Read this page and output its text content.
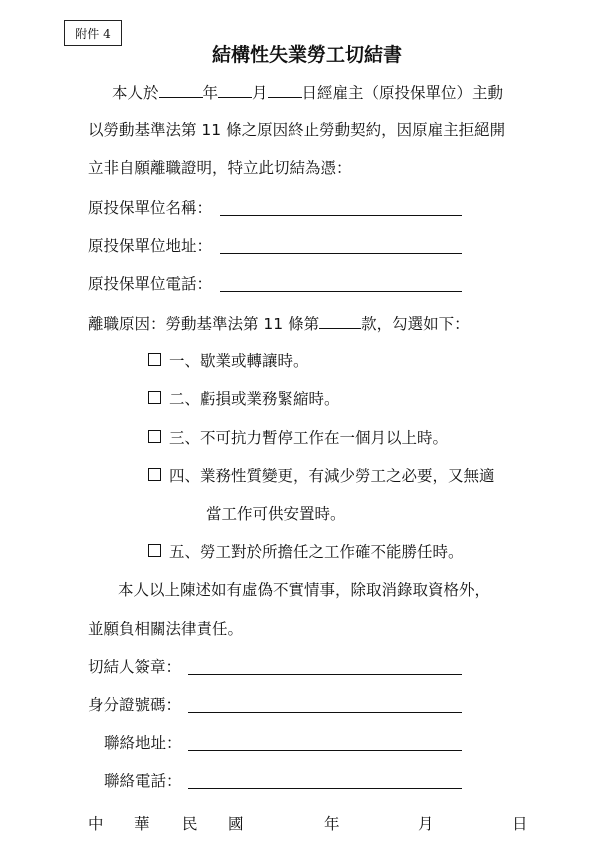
附件 4
結構性失業勞工切結書
本人於	年 月 日經雇主（原投保單位）主動
以勞動基準法第 11 條之原因終止勞動契約，因原雇主拒絕開
立非自願離職證明，特立此切結為憑：
原投保單位名稱：
原投保單位地址：
原投保單位電話：
離職原因：勞動基準法第 11 條第	款，勾選如下：
一、歇業或轉讓時。
二、虧損或業務緊縮時。
三、不可抗力暫停工作在一個月以上時。
四、業務性質變更，有減少勞工之必要，又無適
當工作可供安置時。
五、勞工對於所擔任之工作確不能勝任時。
本人以上陳述如有虛偽不實情事，除取消錄取資格外，
並願負相關法律責任。
切結人簽章：
身分證號碼：
聯絡地址：
聯絡電話：
中 華 民 國	年	月	日
